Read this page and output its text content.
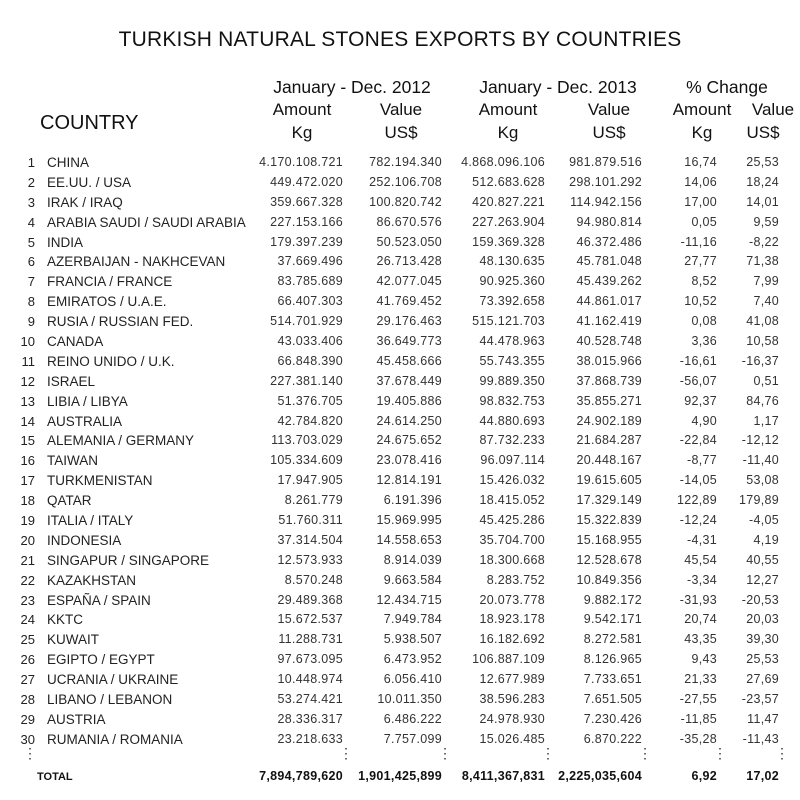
TURKISH NATURAL STONES EXPORTS BY COUNTRIES
January - Dec. 2012	January - Dec. 2013	% Change
Amount	Value	Amount	Value	Amount	Value
Kg	US$	Kg	US$	Kg	US$
COUNTRY
1 CHINA	4.170.108.721 782.194.340 4.868.096.106 981.879.516	16,74 25,53
2 EE.UU. / USA	449.472.020 252.106.708 512.683.628 298.101.292	14,06 18,24
3 IRAK / IRAQ	359.667.328 100.820.742 420.827.221 114.942.156	17,00 14,01
4 ARABIA SAUDI / SAUDI ARABIA 227.153.166	86.670.576 227.263.904	94.980.814	0,05	9,59
5 INDIA	179.397.239	50.523.050 159.369.328	46.372.486	-11,16	-8,22
6 AZERBAIJAN - NAKHCEVAN	37.669.496	26.713.428	48.130.635	45.781.048	27,77 71,38
7 FRANCIA / FRANCE	83.785.689	42.077.045	90.925.360	45.439.262	8,52	7,99
8 EMIRATOS / U.A.E.	66.407.303	41.769.452	73.392.658	44.861.017	10,52	7,40
9 RUSIA / RUSSIAN FED.	514.701.929	29.176.463 515.121.703	41.162.419	0,08 41,08
10 CANADA	43.033.406	36.649.773	44.478.963	40.528.748	3,36 10,58
11 REINO UNIDO / U.K.	66.848.390	45.458.666	55.743.355	38.015.966	-16,61 -16,37
12 ISRAEL	227.381.140	37.678.449	99.889.350	37.868.739	-56,07	0,51
13 LIBIA / LIBYA	51.376.705	19.405.886	98.832.753	35.855.271	92,37 84,76
14 AUSTRALIA	42.784.820	24.614.250	44.880.693	24.902.189	4,90	1,17
15 ALEMANIA / GERMANY	113.703.029	24.675.652	87.732.233	21.684.287	-22,84 -12,12
16 TAIWAN	105.334.609	23.078.416	96.097.114	20.448.167	-8,77 -11,40
17 TURKMENISTAN	17.947.905	12.814.191	15.426.032	19.615.605	-14,05 53,08
18 QATAR	8.261.779	6.191.396	18.415.052	17.329.149	122,89 179,89
19 ITALIA / ITALY	51.760.311	15.969.995	45.425.286	15.322.839	-12,24	-4,05
20 INDONESIA	37.314.504	14.558.653	35.704.700	15.168.955	-4,31	4,19
21 SINGAPUR / SINGAPORE	12.573.933	8.914.039	18.300.668	12.528.678	45,54 40,55
22 KAZAKHSTAN	8.570.248	9.663.584	8.283.752	10.849.356	-3,34 12,27
23 ESPAÑA / SPAIN	29.489.368	12.434.715	20.073.778	9.882.172	-31,93 -20,53
24 KKTC	15.672.537	7.949.784	18.923.178	9.542.171	20,74 20,03
25 KUWAIT	11.288.731	5.938.507	16.182.692	8.272.581	43,35 39,30
26 EGIPTO / EGYPT	97.673.095	6.473.952 106.887.109	8.126.965	9,43 25,53
27 UCRANIA / UKRAINE	10.448.974	6.056.410	12.677.989	7.733.651	21,33 27,69
28 LIBANO / LEBANON	53.274.421	10.011.350	38.596.283	7.651.505	-27,55 -23,57
29 AUSTRIA	28.336.317	6.486.222	24.978.930	7.230.426	-11,85 11,47
30 RUMANIA / ROMANIA	23.218.633	7.757.099	15.026.485	6.870.222	-35,28 -11,43
⋮	⋮	⋮	⋮	⋮	⋮	⋮
TOTAL	7,894,789,620 1,901,425,899 8,411,367,831 2,225,035,604	6,92 17,02
